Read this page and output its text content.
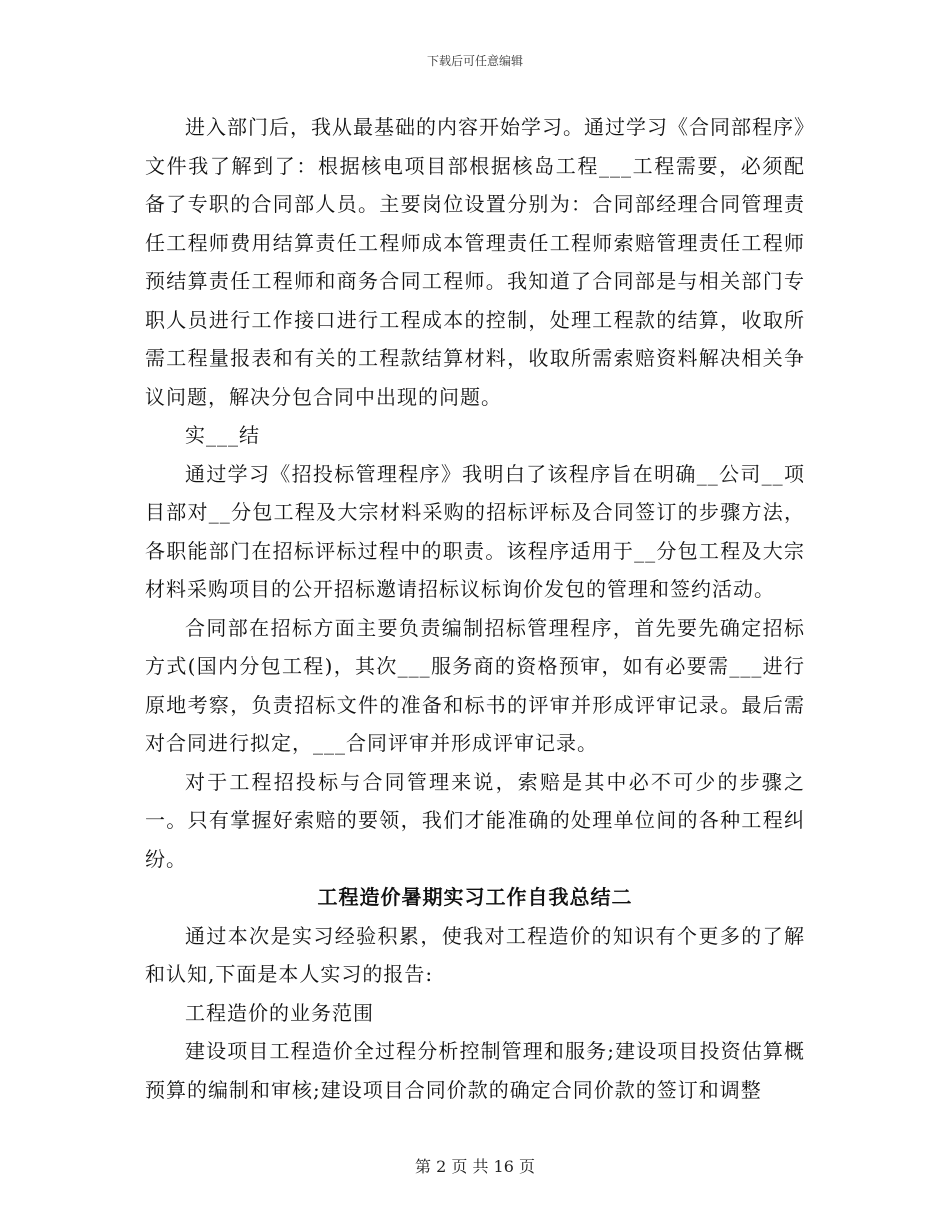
下载后可任意编辑

进入部门后，我从最基础的内容开始学习。通过学习《合同部程序》文件我了解到了：根据核电项目部根据核岛工程___工程需要，必须配备了专职的合同部人员。主要岗位设置分别为：合同部经理合同管理责任工程师费用结算责任工程师成本管理责任工程师索赔管理责任工程师预结算责任工程师和商务合同工程师。我知道了合同部是与相关部门专职人员进行工作接口进行工程成本的控制，处理工程款的结算，收取所需工程量报表和有关的工程款结算材料，收取所需索赔资料解决相关争议问题，解决分包合同中出现的问题。

实___结

通过学习《招投标管理程序》我明白了该程序旨在明确__公司__项目部对__分包工程及大宗材料采购的招标评标及合同签订的步骤方法，各职能部门在招标评标过程中的职责。该程序适用于__分包工程及大宗材料采购项目的公开招标邀请招标议标询价发包的管理和签约活动。

合同部在招标方面主要负责编制招标管理程序，首先要先确定招标方式(国内分包工程)，其次___服务商的资格预审，如有必要需___进行原地考察，负责招标文件的准备和标书的评审并形成评审记录。最后需对合同进行拟定，___合同评审并形成评审记录。

对于工程招投标与合同管理来说，索赔是其中必不可少的步骤之一。只有掌握好索赔的要领，我们才能准确的处理单位间的各种工程纠纷。

工程造价暑期实习工作自我总结二

通过本次是实习经验积累，使我对工程造价的知识有个更多的了解和认知,下面是本人实习的报告:

工程造价的业务范围

建设项目工程造价全过程分析控制管理和服务;建设项目投资估算概预算的编制和审核;建设项目合同价款的确定合同价款的签订和调整

第 2 页 共 16 页
